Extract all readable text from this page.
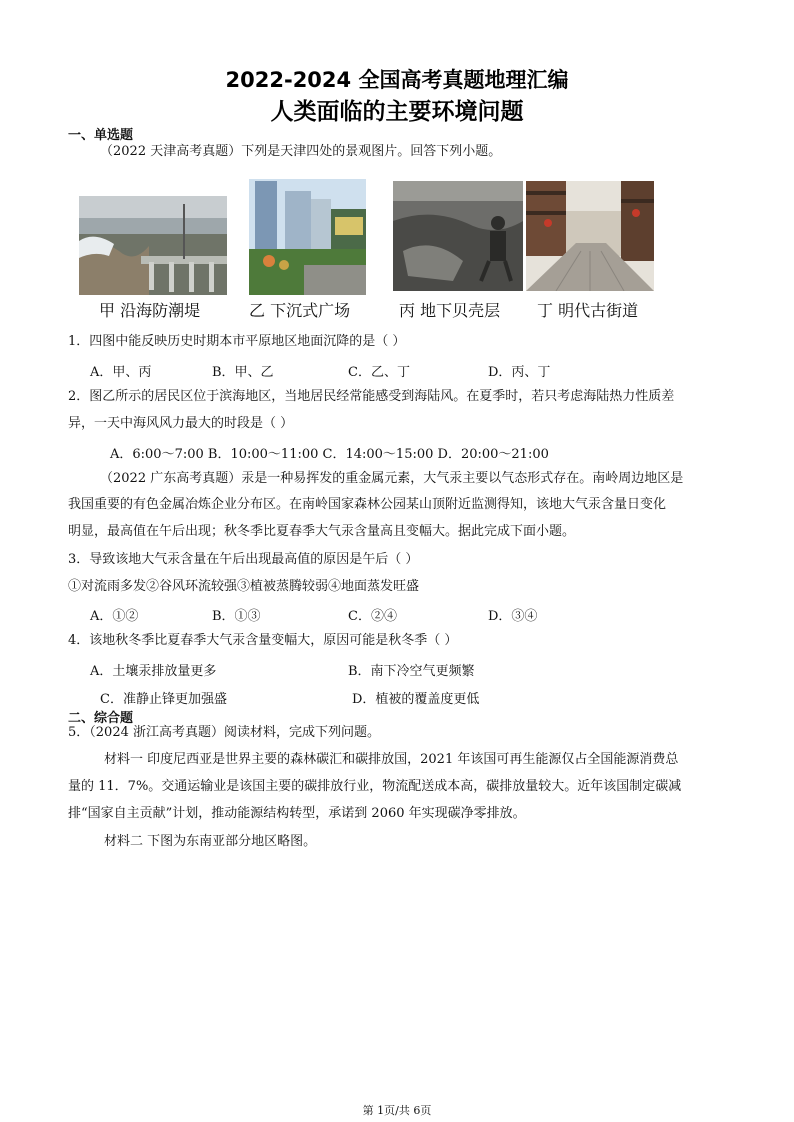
2022-2024 全国高考真题地理汇编
人类面临的主要环境问题
一、单选题
（2022 天津高考真题）下列是天津四处的景观图片。回答下列小题。
甲 沿海防潮堤	乙 下沉式广场	丙 地下贝壳层 丁 明代古街道
1．四图中能反映历史时期本市平原地区地面沉降的是（ ）
A．甲、丙	B．甲、乙	C．乙、丁	D．丙、丁
2．图乙所示的居民区位于滨海地区，当地居民经常能感受到海陆风。在夏季时，若只考虑海陆热力性质差
异，一天中海风风力最大的时段是（ ）
A．6:00～7:00 B．10:00～11:00 C．14:00～15:00 D．20:00～21:00
（2022 广东高考真题）汞是一种易挥发的重金属元素，大气汞主要以气态形式存在。南岭周边地区是
我国重要的有色金属冶炼企业分布区。在南岭国家森林公园某山顶附近监测得知，该地大气汞含量日变化
明显，最高值在午后出现；秋冬季比夏春季大气汞含量高且变幅大。据此完成下面小题。
3．导致该地大气汞含量在午后出现最高值的原因是午后（ ）
①对流雨多发②谷风环流较强③植被蒸腾较弱④地面蒸发旺盛
A．①②	B．①③	C．②④	D．③④
4．该地秋冬季比夏春季大气汞含量变幅大，原因可能是秋冬季（ ）
A．土壤汞排放量更多	B．南下冷空气更频繁
C．准静止锋更加强盛	D．植被的覆盖度更低
二、综合题
5．（2024 浙江高考真题）阅读材料，完成下列问题。
材料一 印度尼西亚是世界主要的森林碳汇和碳排放国，2021 年该国可再生能源仅占全国能源消费总
量的 11．7%。交通运输业是该国主要的碳排放行业，物流配送成本高，碳排放量较大。近年该国制定碳减
排“国家自主贡献”计划，推动能源结构转型，承诺到 2060 年实现碳净零排放。
材料二 下图为东南亚部分地区略图。
第 1页/共 6页
